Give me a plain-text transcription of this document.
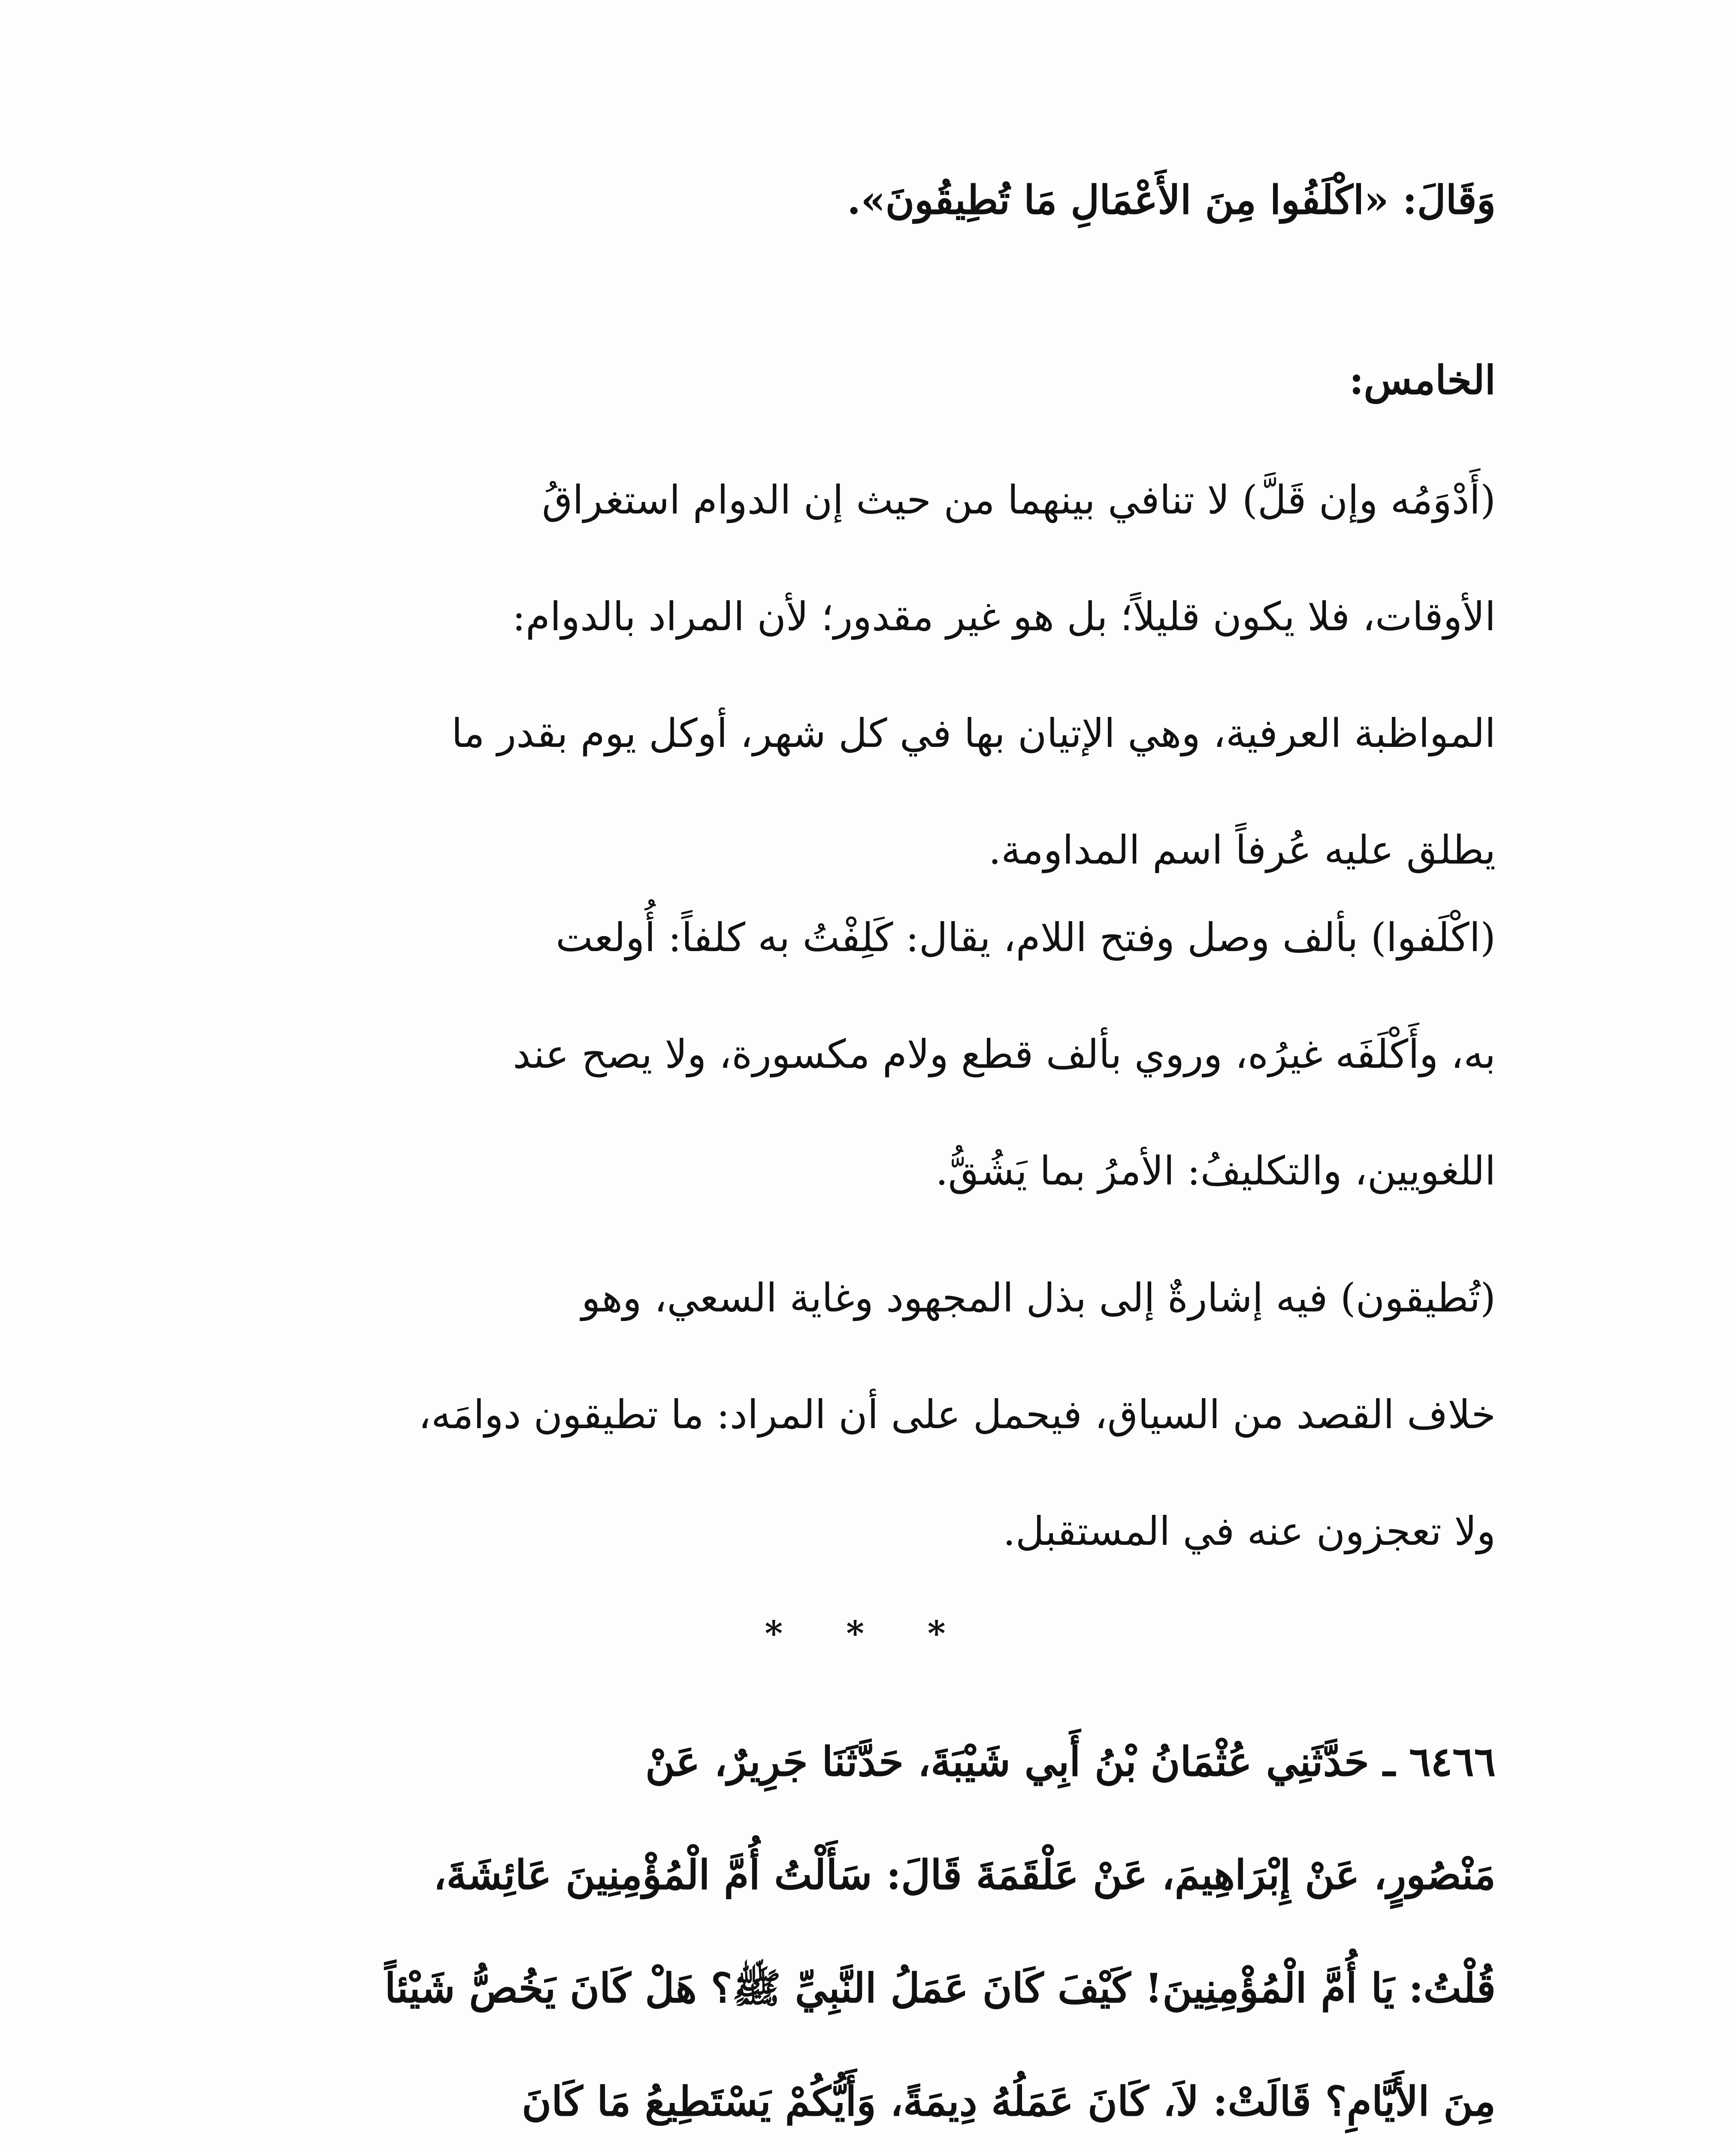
وَقَالَ: «اكْلَفُوا مِنَ الأَعْمَالِ مَا تُطِيقُونَ».
الخامس:
(أَدْوَمُه وإن قَلَّ) لا تنافي بينهما من حيث إن الدوام استغراقُ
الأوقات، فلا يكون قليلاً؛ بل هو غير مقدور؛ لأن المراد بالدوام:
المواظبة العرفية، وهي الإتيان بها في كل شهر، أوكل يوم بقدر ما
يطلق عليه عُرفاً اسم المداومة.
(اكْلَفوا) بألف وصل وفتح اللام، يقال: كَلِفْتُ به كلفاً: أُولعت
به، وأَكْلَفَه غيرُه، وروي بألف قطع ولام مكسورة، ولا يصح عند
اللغويين، والتكليفُ: الأمرُ بما يَشُقُّ.
(تُطيقون) فيه إشارةٌ إلى بذل المجهود وغاية السعي، وهو
خلاف القصد من السياق، فيحمل على أن المراد: ما تطيقون دوامَه،
ولا تعجزون عنه في المستقبل.
* * *
٦٤٦٦ ـ حَدَّثَنِي عُثْمَانُ بْنُ أَبِي شَيْبَةَ، حَدَّثَنَا جَرِيرٌ، عَنْ
مَنْصُورٍ، عَنْ إِبْرَاهِيمَ، عَنْ عَلْقَمَةَ قَالَ: سَأَلْتُ أُمَّ الْمُؤْمِنِينَ عَائِشَةَ،
قُلْتُ: يَا أُمَّ الْمُؤْمِنِينَ! كَيْفَ كَانَ عَمَلُ النَّبِيِّ ﷺ؟ هَلْ كَانَ يَخُصُّ شَيْئاً
مِنَ الأَيَّامِ؟ قَالَتْ: لاَ، كَانَ عَمَلُهُ دِيمَةً، وَأَيُّكُمْ يَسْتَطِيعُ مَا كَانَ
